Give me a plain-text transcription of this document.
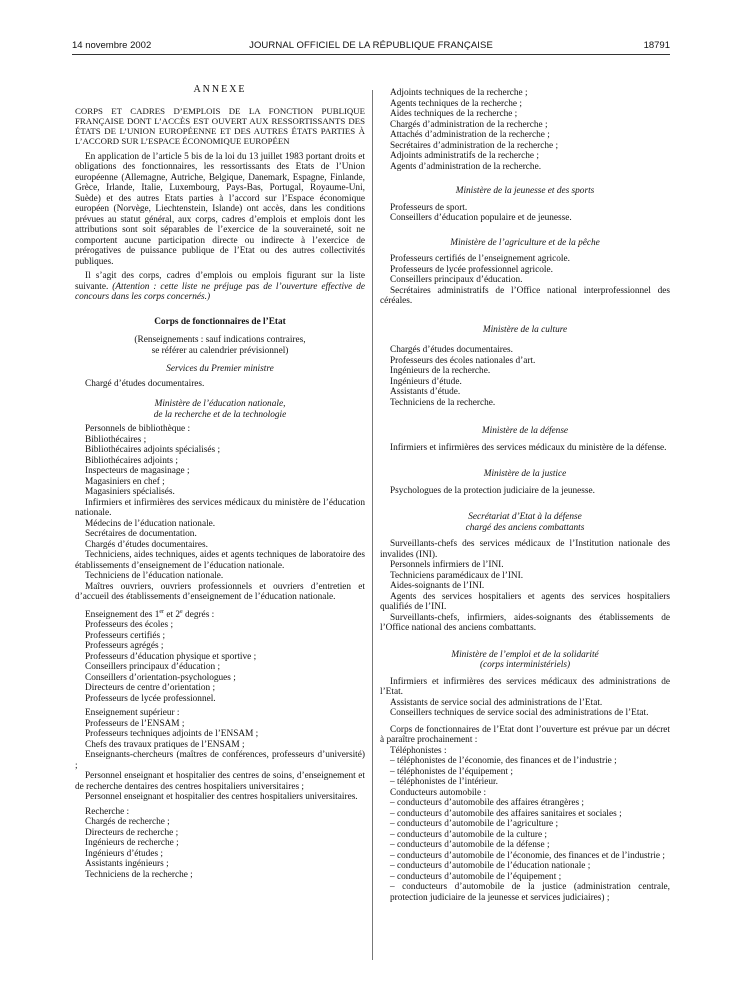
14 novembre 2002	JOURNAL OFFICIEL DE LA RÉPUBLIQUE FRANÇAISE	18791
ANNEXE
CORPS ET CADRES D’EMPLOIS DE LA FONCTION PUBLIQUE FRANÇAISE DONT L’ACCÈS EST OUVERT AUX RESSORTISSANTS DES ÉTATS DE L’UNION EUROPÉENNE ET DES AUTRES ÉTATS PARTIES À L’ACCORD SUR L’ESPACE ÉCONOMIQUE EUROPÉEN
En application de l’article 5 bis de la loi du 13 juillet 1983 portant droits et obligations des fonctionnaires, les ressortissants des Etats de l’Union européenne (Allemagne, Autriche, Belgique, Danemark, Espagne, Finlande, Grèce, Irlande, Italie, Luxembourg, Pays-Bas, Portugal, Royaume-Uni, Suède) et des autres Etats parties à l’accord sur l’Espace économique européen (Norvège, Liechtenstein, Islande) ont accès, dans les conditions prévues au statut général, aux corps, cadres d’emplois et emplois dont les attributions sont soit séparables de l’exercice de la souveraineté, soit ne comportent aucune participation directe ou indirecte à l’exercice de prérogatives de puissance publique de l’Etat ou des autres collectivités publiques.
Il s’agit des corps, cadres d’emplois ou emplois figurant sur la liste suivante. (Attention : cette liste ne préjuge pas de l’ouverture effective de concours dans les corps concernés.)
Corps de fonctionnaires de l’Etat
(Renseignements : sauf indications contraires,
se référer au calendrier prévisionnel)
Services du Premier ministre
Chargé d’études documentaires.
Ministère de l’éducation nationale,
de la recherche et de la technologie
Personnels de bibliothèque :
Bibliothécaires ;
Bibliothécaires adjoints spécialisés ;
Bibliothécaires adjoints ;
Inspecteurs de magasinage ;
Magasiniers en chef ;
Magasiniers spécialisés.
Infirmiers et infirmières des services médicaux du ministère de l’éducation nationale.
Médecins de l’éducation nationale.
Secrétaires de documentation.
Chargés d’études documentaires.
Techniciens, aides techniques, aides et agents techniques de laboratoire des établissements d’enseignement de l’éducation nationale.
Techniciens de l’éducation nationale.
Maîtres ouvriers, ouvriers professionnels et ouvriers d’entretien et d’accueil des établissements d’enseignement de l’éducation nationale.
Enseignement des 1er et 2e degrés :
Professeurs des écoles ;
Professeurs certifiés ;
Professeurs agrégés ;
Professeurs d’éducation physique et sportive ;
Conseillers principaux d’éducation ;
Conseillers d’orientation-psychologues ;
Directeurs de centre d’orientation ;
Professeurs de lycée professionnel.
Enseignement supérieur :
Professeurs de l’ENSAM ;
Professeurs techniques adjoints de l’ENSAM ;
Chefs des travaux pratiques de l’ENSAM ;
Enseignants-chercheurs (maîtres de conférences, professeurs d’université) ;
Personnel enseignant et hospitalier des centres de soins, d’enseignement et de recherche dentaires des centres hospitaliers universitaires ;
Personnel enseignant et hospitalier des centres hospitaliers universitaires.
Recherche :
Chargés de recherche ;
Directeurs de recherche ;
Ingénieurs de recherche ;
Ingénieurs d’études ;
Assistants ingénieurs ;
Techniciens de la recherche ;
Adjoints techniques de la recherche ;
Agents techniques de la recherche ;
Aides techniques de la recherche ;
Chargés d’administration de la recherche ;
Attachés d’administration de la recherche ;
Secrétaires d’administration de la recherche ;
Adjoints administratifs de la recherche ;
Agents d’administration de la recherche.
Ministère de la jeunesse et des sports
Professeurs de sport.
Conseillers d’éducation populaire et de jeunesse.
Ministère de l’agriculture et de la pêche
Professeurs certifiés de l’enseignement agricole.
Professeurs de lycée professionnel agricole.
Conseillers principaux d’éducation.
Secrétaires administratifs de l’Office national interprofessionnel des céréales.
Ministère de la culture
Chargés d’études documentaires.
Professeurs des écoles nationales d’art.
Ingénieurs de la recherche.
Ingénieurs d’étude.
Assistants d’étude.
Techniciens de la recherche.
Ministère de la défense
Infirmiers et infirmières des services médicaux du ministère de la défense.
Ministère de la justice
Psychologues de la protection judiciaire de la jeunesse.
Secrétariat d’Etat à la défense
chargé des anciens combattants
Surveillants-chefs des services médicaux de l’Institution nationale des invalides (INI).
Personnels infirmiers de l’INI.
Techniciens paramédicaux de l’INI.
Aides-soignants de l’INI.
Agents des services hospitaliers et agents des services hospitaliers qualifiés de l’INI.
Surveillants-chefs, infirmiers, aides-soignants des établissements de l’Office national des anciens combattants.
Ministère de l’emploi et de la solidarité
(corps interministériels)
Infirmiers et infirmières des services médicaux des administrations de l’Etat.
Assistants de service social des administrations de l’Etat.
Conseillers techniques de service social des administrations de l’Etat.
Corps de fonctionnaires de l’Etat dont l’ouverture est prévue par un décret à paraître prochainement :
Téléphonistes :
– téléphonistes de l’économie, des finances et de l’industrie ;
– téléphonistes de l’équipement ;
– téléphonistes de l’intérieur.
Conducteurs automobile :
– conducteurs d’automobile des affaires étrangères ;
– conducteurs d’automobile des affaires sanitaires et sociales ;
– conducteurs d’automobile de l’agriculture ;
– conducteurs d’automobile de la culture ;
– conducteurs d’automobile de la défense ;
– conducteurs d’automobile de l’économie, des finances et de l’industrie ;
– conducteurs d’automobile de l’éducation nationale ;
– conducteurs d’automobile de l’équipement ;
– conducteurs d’automobile de la justice (administration centrale, protection judiciaire de la jeunesse et services judiciaires) ;
